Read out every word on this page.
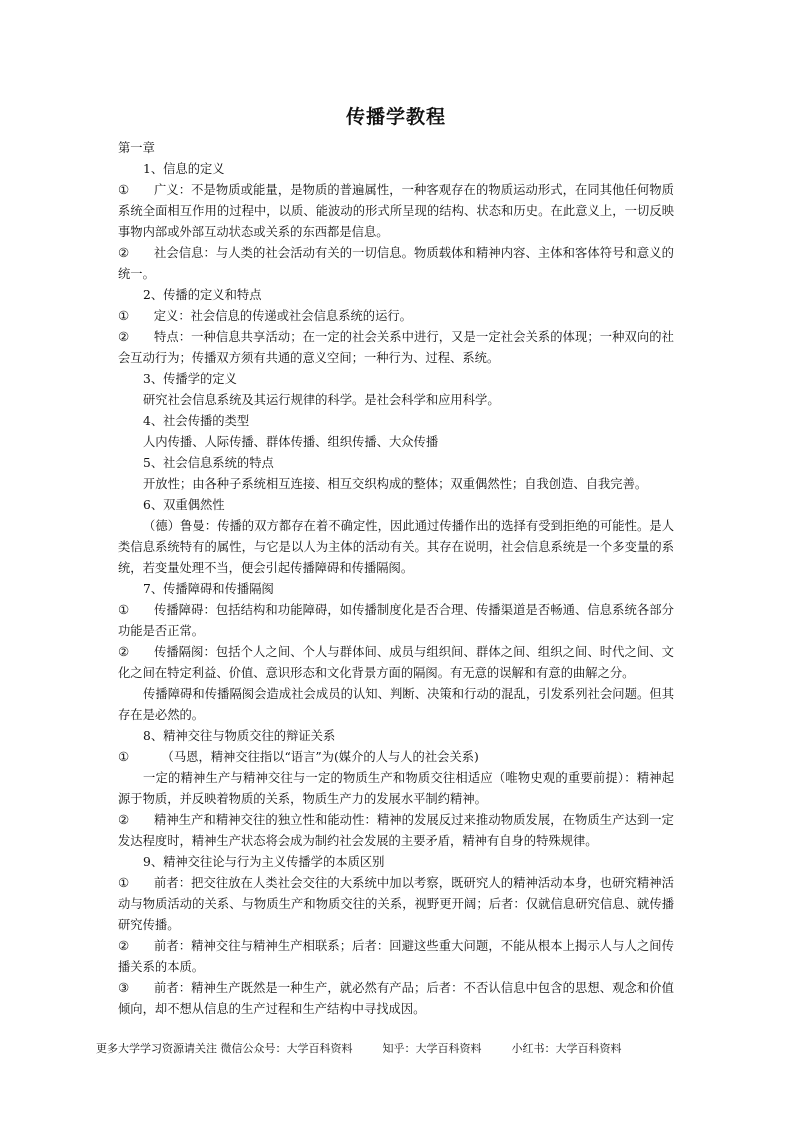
传播学教程

第一章

1、信息的定义

① 广义：不是物质或能量，是物质的普遍属性，一种客观存在的物质运动形式，在同其他任何物质系统全面相互作用的过程中，以质、能波动的形式所呈现的结构、状态和历史。在此意义上，一切反映事物内部或外部互动状态或关系的东西都是信息。

② 社会信息：与人类的社会活动有关的一切信息。物质载体和精神内容、主体和客体符号和意义的统一。

2、传播的定义和特点

① 定义：社会信息的传递或社会信息系统的运行。

② 特点：一种信息共享活动；在一定的社会关系中进行，又是一定社会关系的体现；一种双向的社会互动行为；传播双方须有共通的意义空间；一种行为、过程、系统。

3、传播学的定义

研究社会信息系统及其运行规律的科学。是社会科学和应用科学。

4、社会传播的类型

人内传播、人际传播、群体传播、组织传播、大众传播

5、社会信息系统的特点

开放性；由各种子系统相互连接、相互交织构成的整体；双重偶然性；自我创造、自我完善。

6、双重偶然性

（德）鲁曼：传播的双方都存在着不确定性，因此通过传播作出的选择有受到拒绝的可能性。是人类信息系统特有的属性，与它是以人为主体的活动有关。其存在说明，社会信息系统是一个多变量的系统，若变量处理不当，便会引起传播障碍和传播隔阂。

7、传播障碍和传播隔阂

① 传播障碍：包括结构和功能障碍，如传播制度化是否合理、传播渠道是否畅通、信息系统各部分功能是否正常。

② 传播隔阂：包括个人之间、个人与群体间、成员与组织间、群体之间、组织之间、时代之间、文化之间在特定利益、价值、意识形态和文化背景方面的隔阂。有无意的误解和有意的曲解之分。

传播障碍和传播隔阂会造成社会成员的认知、判断、决策和行动的混乱，引发系列社会问题。但其存在是必然的。

8、精神交往与物质交往的辩证关系

①	（马恩，精神交往指以“语言”为(媒介的人与人的社会关系)

一定的精神生产与精神交往与一定的物质生产和物质交往相适应（唯物史观的重要前提）：精神起源于物质，并反映着物质的关系，物质生产力的发展水平制约精神。

② 精神生产和精神交往的独立性和能动性：精神的发展反过来推动物质发展，在物质生产达到一定发达程度时，精神生产状态将会成为制约社会发展的主要矛盾，精神有自身的特殊规律。

9、精神交往论与行为主义传播学的本质区别

① 前者：把交往放在人类社会交往的大系统中加以考察，既研究人的精神活动本身，也研究精神活动与物质活动的关系、与物质生产和物质交往的关系，视野更开阔；后者：仅就信息研究信息、就传播研究传播。

② 前者：精神交往与精神生产相联系；后者：回避这些重大问题，不能从根本上揭示人与人之间传播关系的本质。

③ 前者：精神生产既然是一种生产，就必然有产品；后者：不否认信息中包含的思想、观念和价值倾向，却不想从信息的生产过程和生产结构中寻找成因。

更多大学学习资源请关注 微信公众号：大学百科资料	知乎：大学百科资料	小红书：大学百科资料
